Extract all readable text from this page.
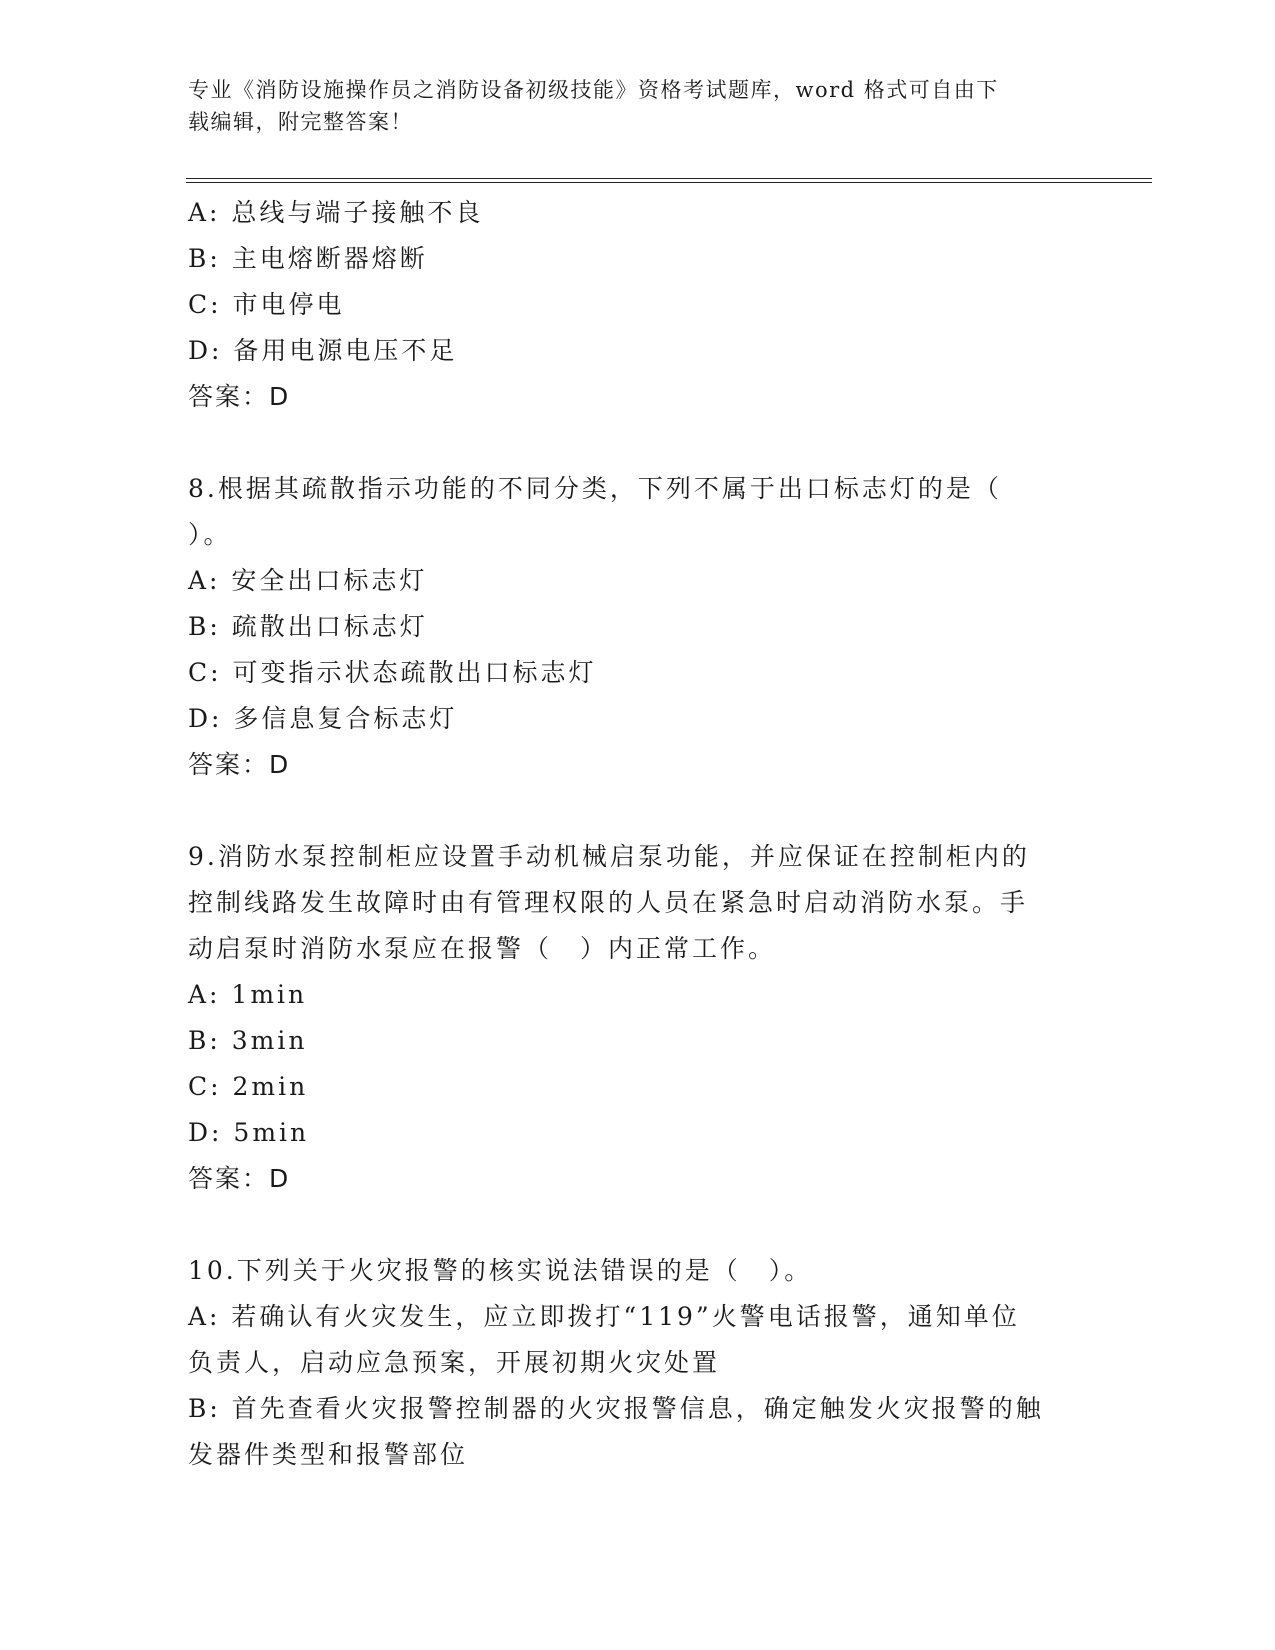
专业《消防设施操作员之消防设备初级技能》资格考试题库，word 格式可自由下
载编辑，附完整答案！
A: 总线与端子接触不良
B: 主电熔断器熔断
C: 市电停电
D: 备用电源电压不足
答案：D
8.根据其疏散指示功能的不同分类，下列不属于出口标志灯的是（
）。
A: 安全出口标志灯
B: 疏散出口标志灯
C: 可变指示状态疏散出口标志灯
D: 多信息复合标志灯
答案：D
9.消防水泵控制柜应设置手动机械启泵功能，并应保证在控制柜内的
控制线路发生故障时由有管理权限的人员在紧急时启动消防水泵。手
动启泵时消防水泵应在报警（　）内正常工作。
A: 1min
B: 3min
C: 2min
D: 5min
答案：D
10.下列关于火灾报警的核实说法错误的是（　）。
A: 若确认有火灾发生，应立即拨打“119”火警电话报警，通知单位
负责人，启动应急预案，开展初期火灾处置
B: 首先查看火灾报警控制器的火灾报警信息，确定触发火灾报警的触
发器件类型和报警部位
